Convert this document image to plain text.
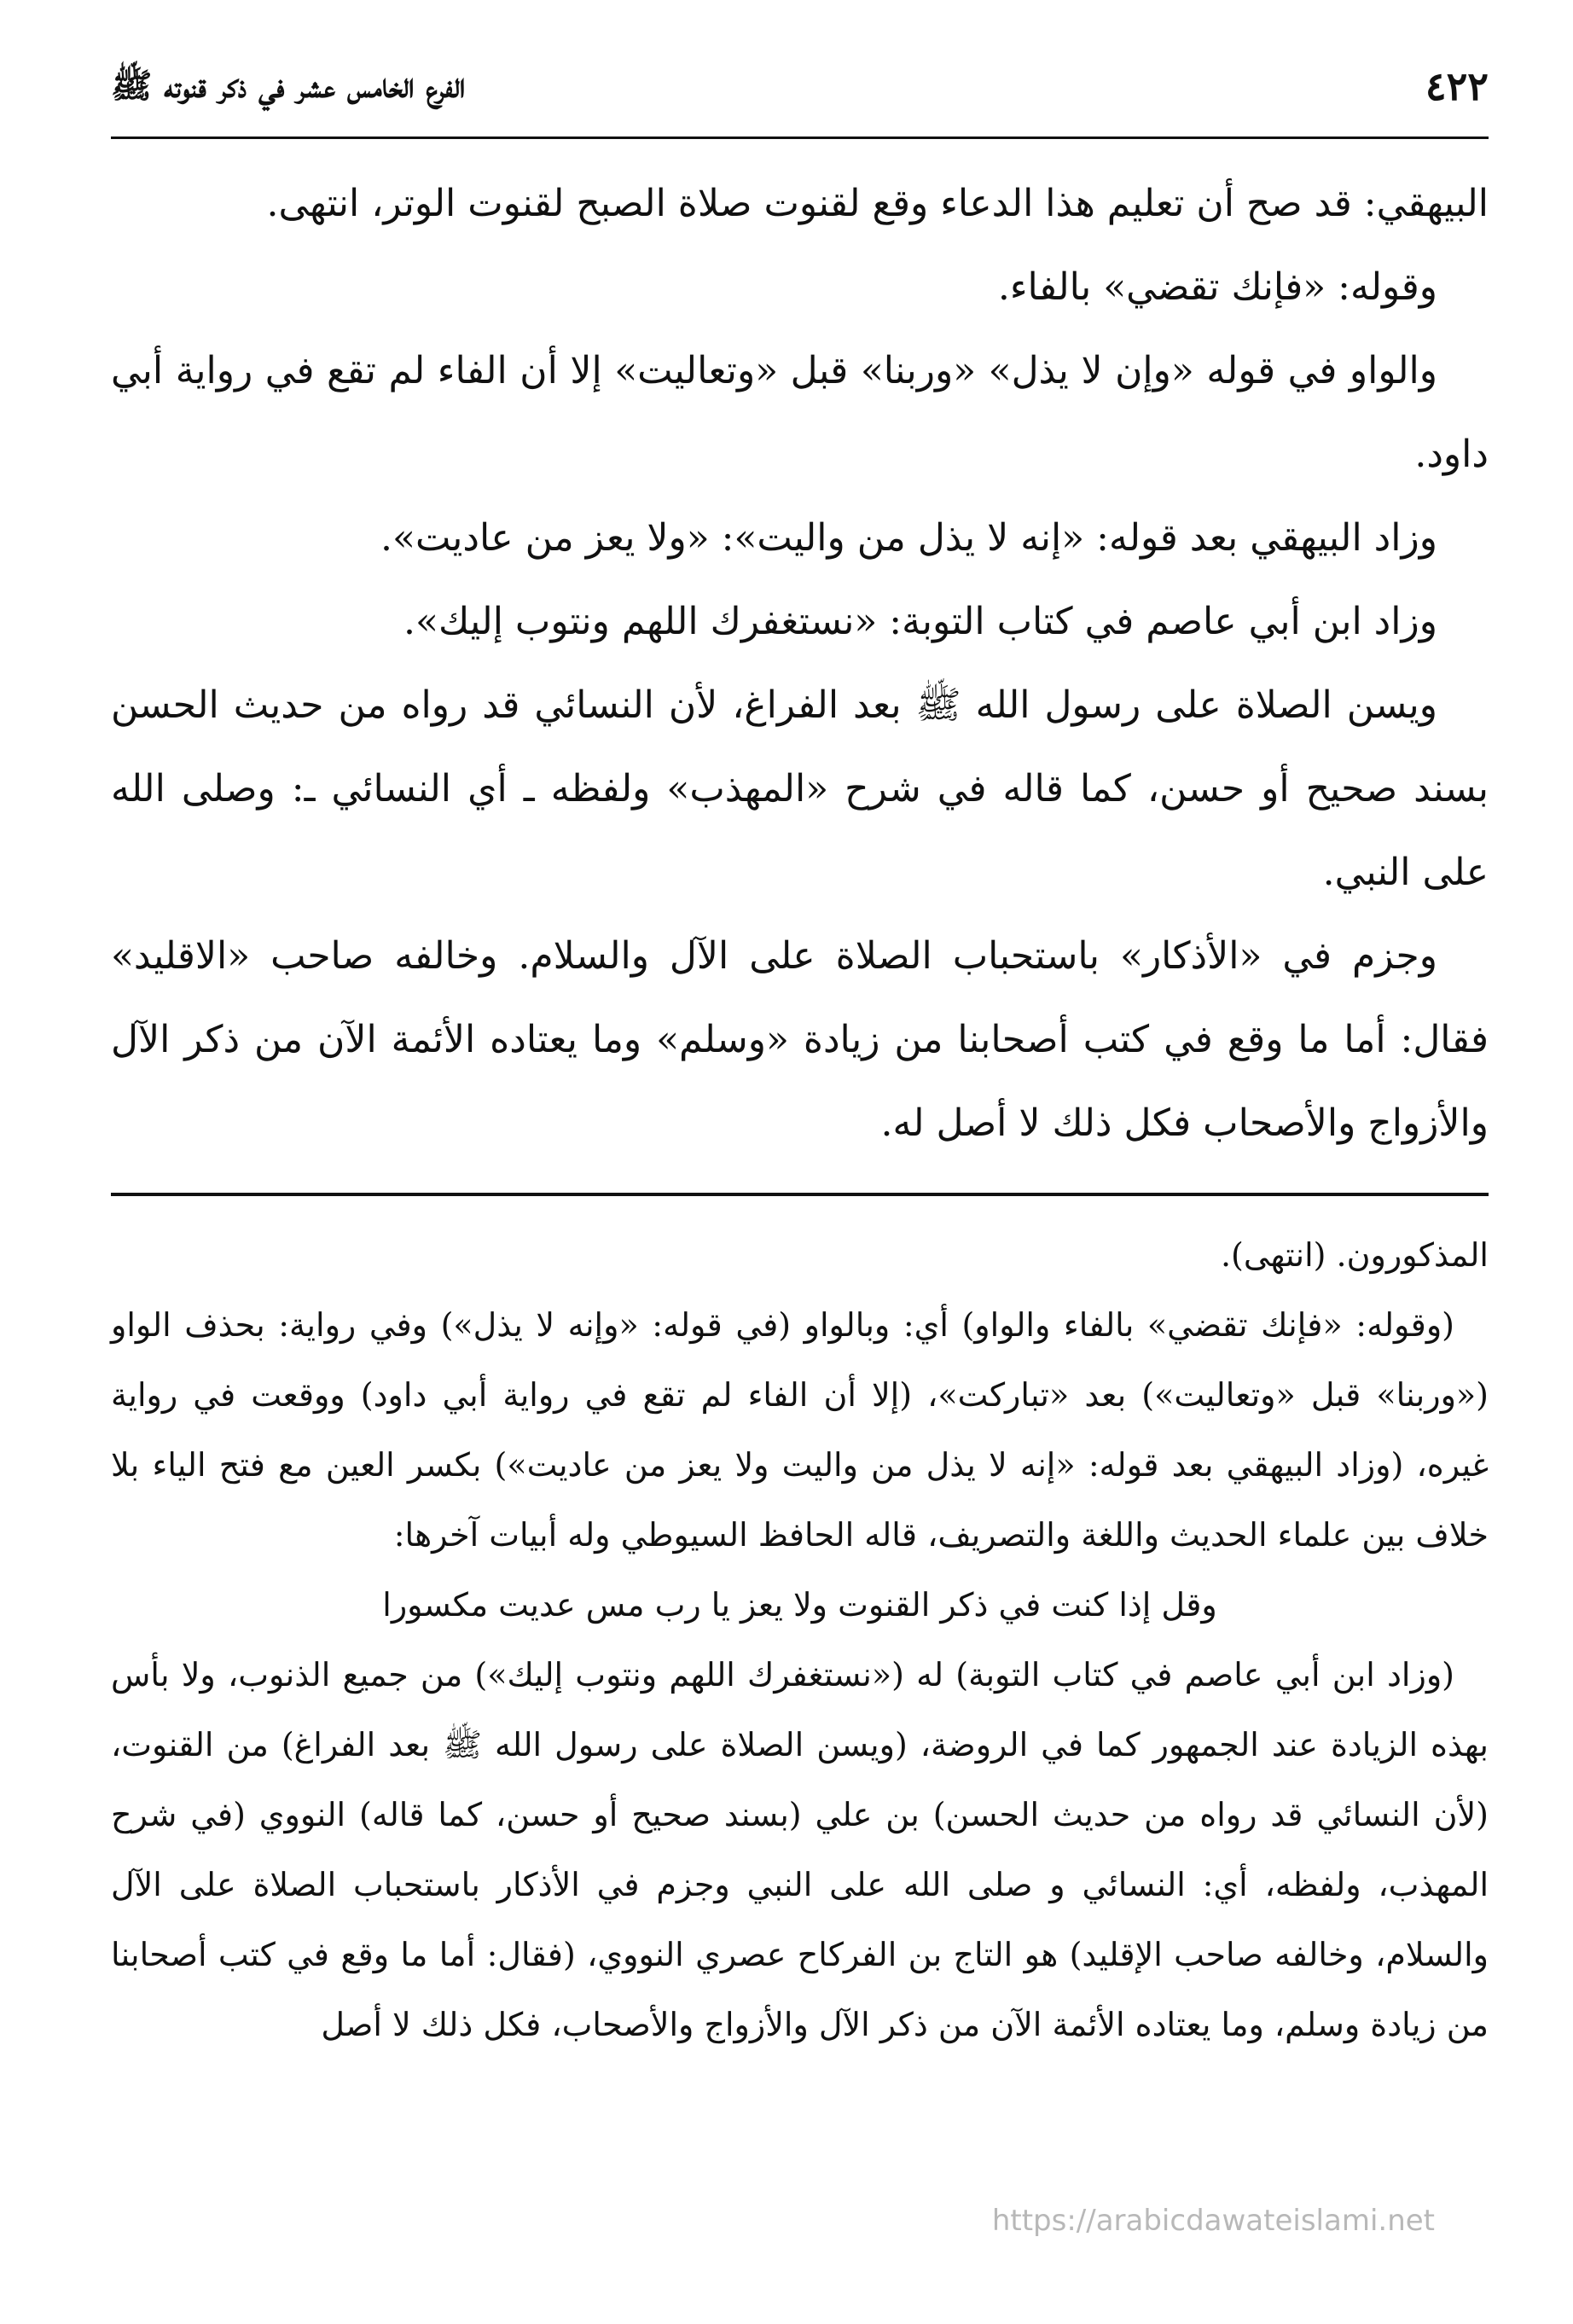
٤٢٢
الفرع الخامس عشر في ذكر قنوته ﷺ

البيهقي: قد صح أن تعليم هذا الدعاء وقع لقنوت صلاة الصبح لقنوت الوتر، انتهى.

وقوله: «فإنك تقضي» بالفاء.

والواو في قوله «وإن لا يذل» «وربنا» قبل «وتعاليت» إلا أن الفاء لم تقع في رواية أبي داود.

وزاد البيهقي بعد قوله: «إنه لا يذل من واليت»: «ولا يعز من عاديت».

وزاد ابن أبي عاصم في كتاب التوبة: «نستغفرك اللهم ونتوب إليك».

ويسن الصلاة على رسول الله ﷺ بعد الفراغ، لأن النسائي قد رواه من حديث الحسن بسند صحيح أو حسن، كما قاله في شرح «المهذب» ولفظه ـ أي النسائي ـ: وصلى الله على النبي.

وجزم في «الأذكار» باستحباب الصلاة على الآل والسلام. وخالفه صاحب «الاقليد» فقال: أما ما وقع في كتب أصحابنا من زيادة «وسلم» وما يعتاده الأئمة الآن من ذكر الآل والأزواج والأصحاب فكل ذلك لا أصل له.

المذكورون. (انتهى).

(وقوله: «فإنك تقضي» بالفاء والواو) أي: وبالواو (في قوله: «وإنه لا يذل») وفي رواية: بحذف الواو («وربنا» قبل «وتعاليت») بعد «تباركت»، (إلا أن الفاء لم تقع في رواية أبي داود) ووقعت في رواية غيره، (وزاد البيهقي بعد قوله: «إنه لا يذل من واليت ولا يعز من عاديت») بكسر العين مع فتح الياء بلا خلاف بين علماء الحديث واللغة والتصريف، قاله الحافظ السيوطي وله أبيات آخرها:

وقل إذا كنت في ذكر القنوت ولا يعز يا رب مس عديت مكسورا

(وزاد ابن أبي عاصم في كتاب التوبة) له («نستغفرك اللهم ونتوب إليك») من جميع الذنوب، ولا بأس بهذه الزيادة عند الجمهور كما في الروضة، (ويسن الصلاة على رسول الله ﷺ بعد الفراغ) من القنوت، (لأن النسائي قد رواه من حديث الحسن) بن علي (بسند صحيح أو حسن، كما قاله) النووي (في شرح المهذب، ولفظه، أي: النسائي و صلى الله على النبي وجزم في الأذكار باستحباب الصلاة على الآل والسلام، وخالفه صاحب الإقليد) هو التاج بن الفركاح عصري النووي، (فقال: أما ما وقع في كتب أصحابنا من زيادة وسلم، وما يعتاده الأئمة الآن من ذكر الآل والأزواج والأصحاب، فكل ذلك لا أصل

https://arabicdawateislami.net
